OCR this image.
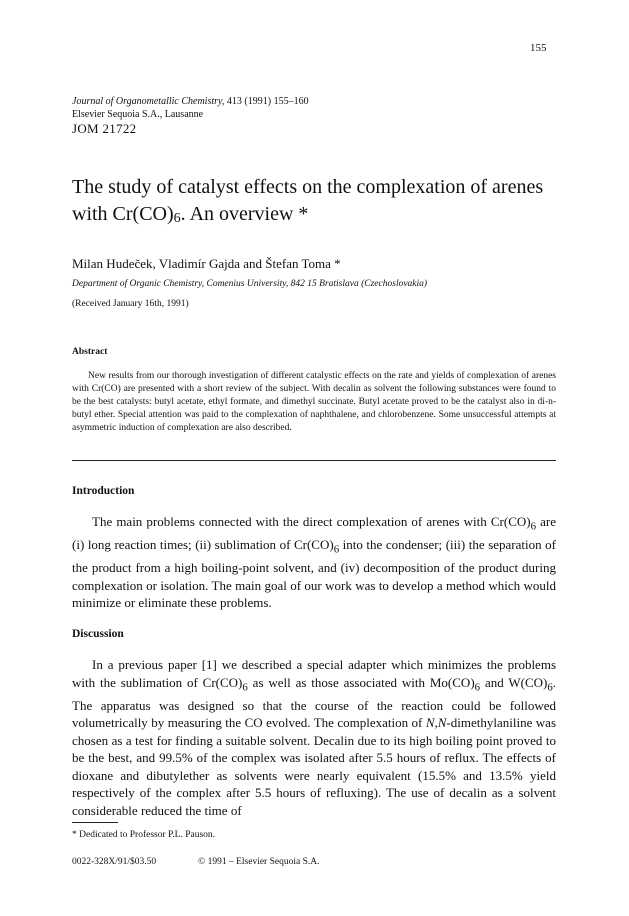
155
Journal of Organometallic Chemistry, 413 (1991) 155–160
Elsevier Sequoia S.A., Lausanne
JOM 21722
The study of catalyst effects on the complexation of arenes
with Cr(CO)6. An overview *
Milan Hudeček, Vladimír Gajda and Štefan Toma *
Department of Organic Chemistry, Comenius University, 842 15 Bratislava (Czechoslovakia)
(Received January 16th, 1991)
Abstract
New results from our thorough investigation of different catalystic effects on the rate and yields of complexation of arenes with Cr(CO) are presented with a short review of the subject. With decalin as solvent the following substances were found to be the best catalysts: butyl acetate, ethyl formate, and dimethyl succinate. Butyl acetate proved to be the catalyst also in di-n-butyl ether. Special attention was paid to the complexation of naphthalene, and chlorobenzene. Some unsuccessful attempts at asymmetric induction of complexation are also described.
Introduction
The main problems connected with the direct complexation of arenes with $Cr(CO)_6$ are (i) long reaction times; (ii) sublimation of $Cr(CO)_6$ into the condenser; (iii) the separation of the product from a high boiling-point solvent, and (iv) decomposition of the product during complexation or isolation. The main goal of our work was to develop a method which would minimize or eliminate these problems.
Discussion
In a previous paper [1] we described a special adapter which minimizes the problems with the sublimation of $Cr(CO)_6$ as well as those associated with $Mo(CO)_6$ and $W(CO)_6$. The apparatus was designed so that the course of the reaction could be followed volumetrically by measuring the CO evolved. The complexation of N,N-dimethylaniline was chosen as a test for finding a suitable solvent. Decalin due to its high boiling point proved to be the best, and 99.5% of the complex was isolated after 5.5 hours of reflux. The effects of dioxane and dibutylether as solvents were nearly equivalent (15.5% and 13.5% yield respectively of the complex after 5.5 hours of refluxing). The use of decalin as a solvent considerable reduced the time of
* Dedicated to Professor P.L. Pauson.
0022-328X/91/$03.50	© 1991 – Elsevier Sequoia S.A.
